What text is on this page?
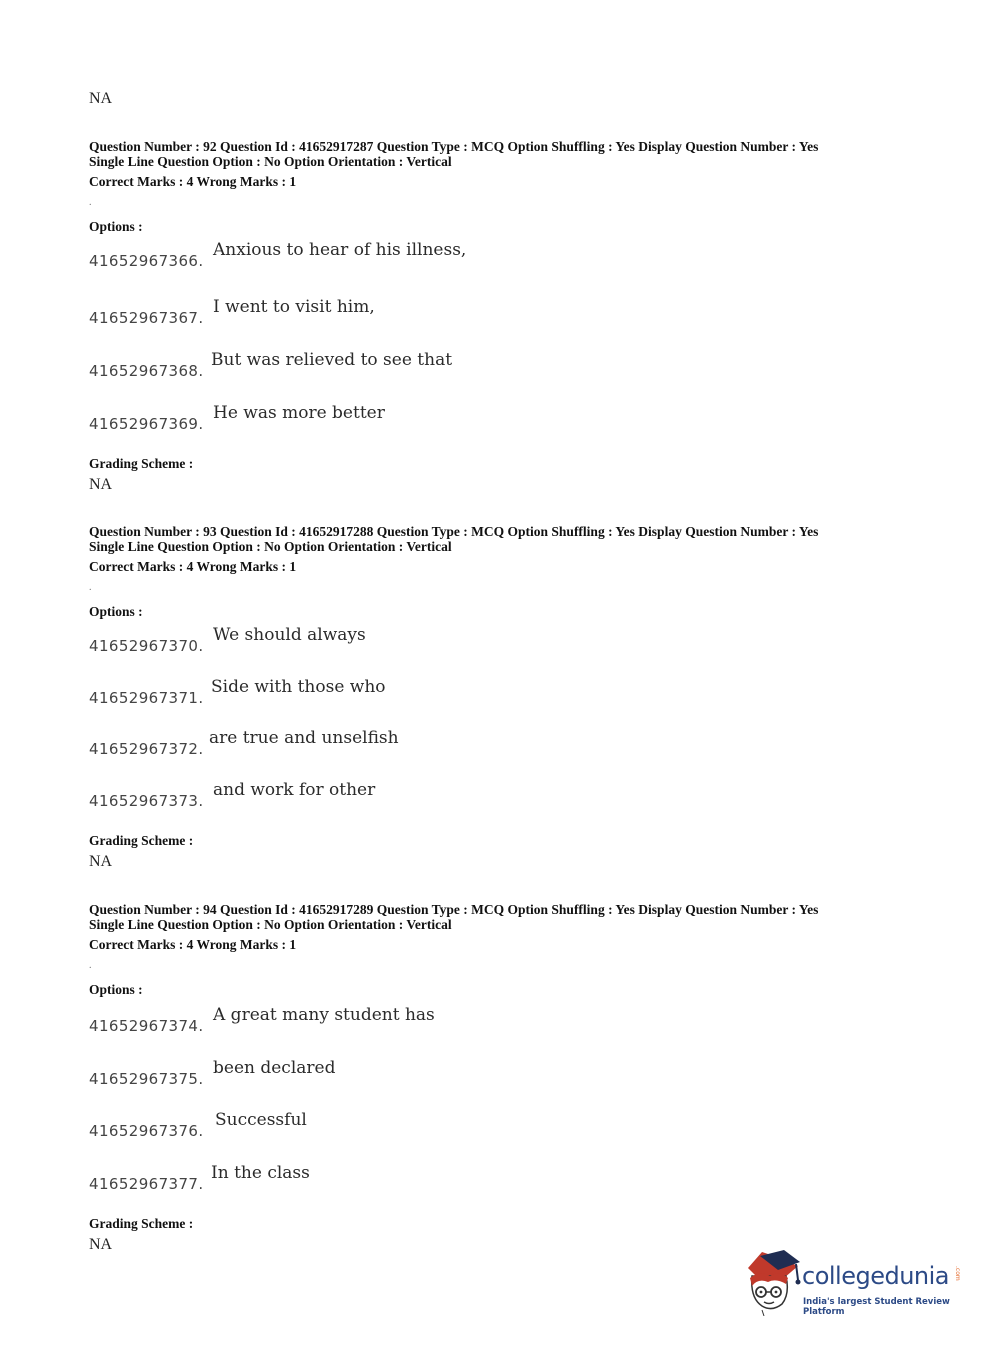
NA
Question Number : 92 Question Id : 41652917287 Question Type : MCQ Option Shuffling : Yes Display Question Number : Yes
Single Line Question Option : No Option Orientation : Vertical
Correct Marks : 4 Wrong Marks : 1
.
Options :
41652967366.
Anxious to hear of his illness,
41652967367.
I went to visit him,
41652967368.
But was relieved to see that
41652967369.
He was more better
Grading Scheme :
NA
Question Number : 93 Question Id : 41652917288 Question Type : MCQ Option Shuffling : Yes Display Question Number : Yes
Single Line Question Option : No Option Orientation : Vertical
Correct Marks : 4 Wrong Marks : 1
.
Options :
41652967370.
We should always
41652967371.
Side with those who
41652967372.
are true and unselfish
41652967373.
and work for other
Grading Scheme :
NA
Question Number : 94 Question Id : 41652917289 Question Type : MCQ Option Shuffling : Yes Display Question Number : Yes
Single Line Question Option : No Option Orientation : Vertical
Correct Marks : 4 Wrong Marks : 1
.
Options :
41652967374.
A great many student has
41652967375.
been declared
41652967376.
Successful
41652967377.
In the class
Grading Scheme :
NA
collegedunia .com
India's largest Student Review Platform
